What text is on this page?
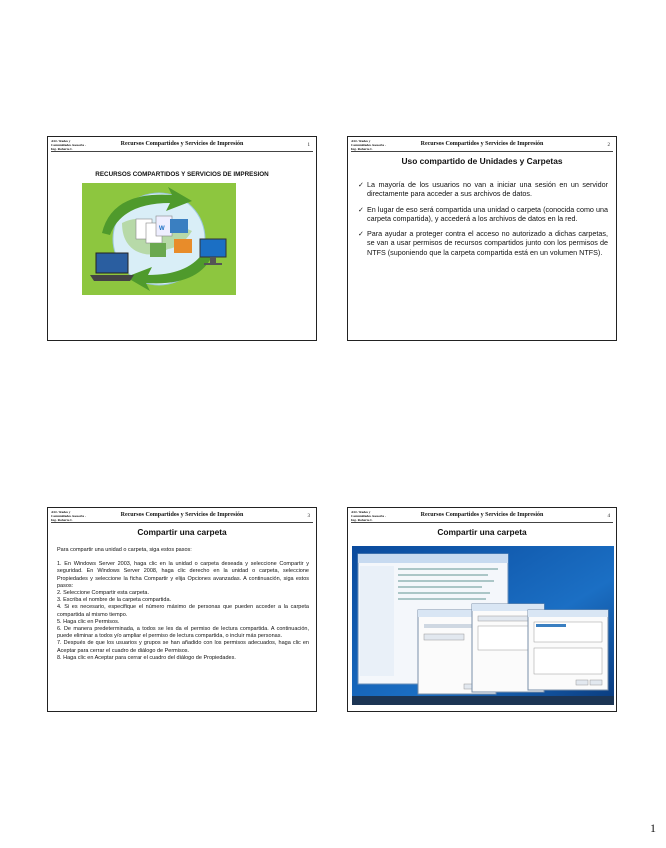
ASI / Redes y Comunidades Asesoria - Ing. Roberto I.
Recursos Compartidos y Servicios de Impresión	1
RECURSOS COMPARTIDOS Y SERVICIOS DE IMPRESION
W
ASI / Redes y Comunidades Asesoria - Ing. Roberto I.
Recursos Compartidos y Servicios de Impresión	2
Uso compartido de Unidades y Carpetas
✓ La mayoría de los usuarios no van a iniciar una sesión en un servidor directamente para acceder a sus archivos de datos.
✓ En lugar de eso será compartida una unidad o carpeta (conocida como una carpeta compartida), y accederá a los archivos de datos en la red.
✓ Para ayudar a proteger contra el acceso no autorizado a dichas carpetas, se van a usar permisos de recursos compartidos junto con los permisos de NTFS (suponiendo que la carpeta compartida está en un volumen NTFS).
ASI / Redes y Comunidades Asesoria - Ing. Roberto I.
Recursos Compartidos y Servicios de Impresión	3
Compartir una carpeta

Para compartir una unidad o carpeta, siga estos pasos:

1. En Windows Server 2003, haga clic en la unidad o carpeta deseada y seleccione Compartir y seguridad. En Windows Server 2008, haga clic derecho en la unidad o carpeta, seleccione Propiedades y seleccione la ficha Compartir y elija Opciones avanzadas. A continuación, siga estos pasos:

2. Seleccione Compartir esta carpeta.

3. Escriba el nombre de la carpeta compartida.

4. Si es necesario, especifique el número máximo de personas que pueden acceder a la carpeta compartida al mismo tiempo.

5. Haga clic en Permisos.

6. De manera predeterminada, a todos se les da el permiso de lectura compartida. A continuación, puede eliminar a todos y/o ampliar el permiso de lectura compartida, o incluir más personas.

7. Después de que los usuarios y grupos se han añadido con los permisos adecuados, haga clic en Aceptar para cerrar el cuadro de diálogo de Permisos.

8. Haga clic en Aceptar para cerrar el cuadro del diálogo de Propiedades.

ASI / Redes y Comunidades Asesoria - Ing. Roberto I.
Recursos Compartidos y Servicios de Impresión	4
Compartir una carpeta
1
